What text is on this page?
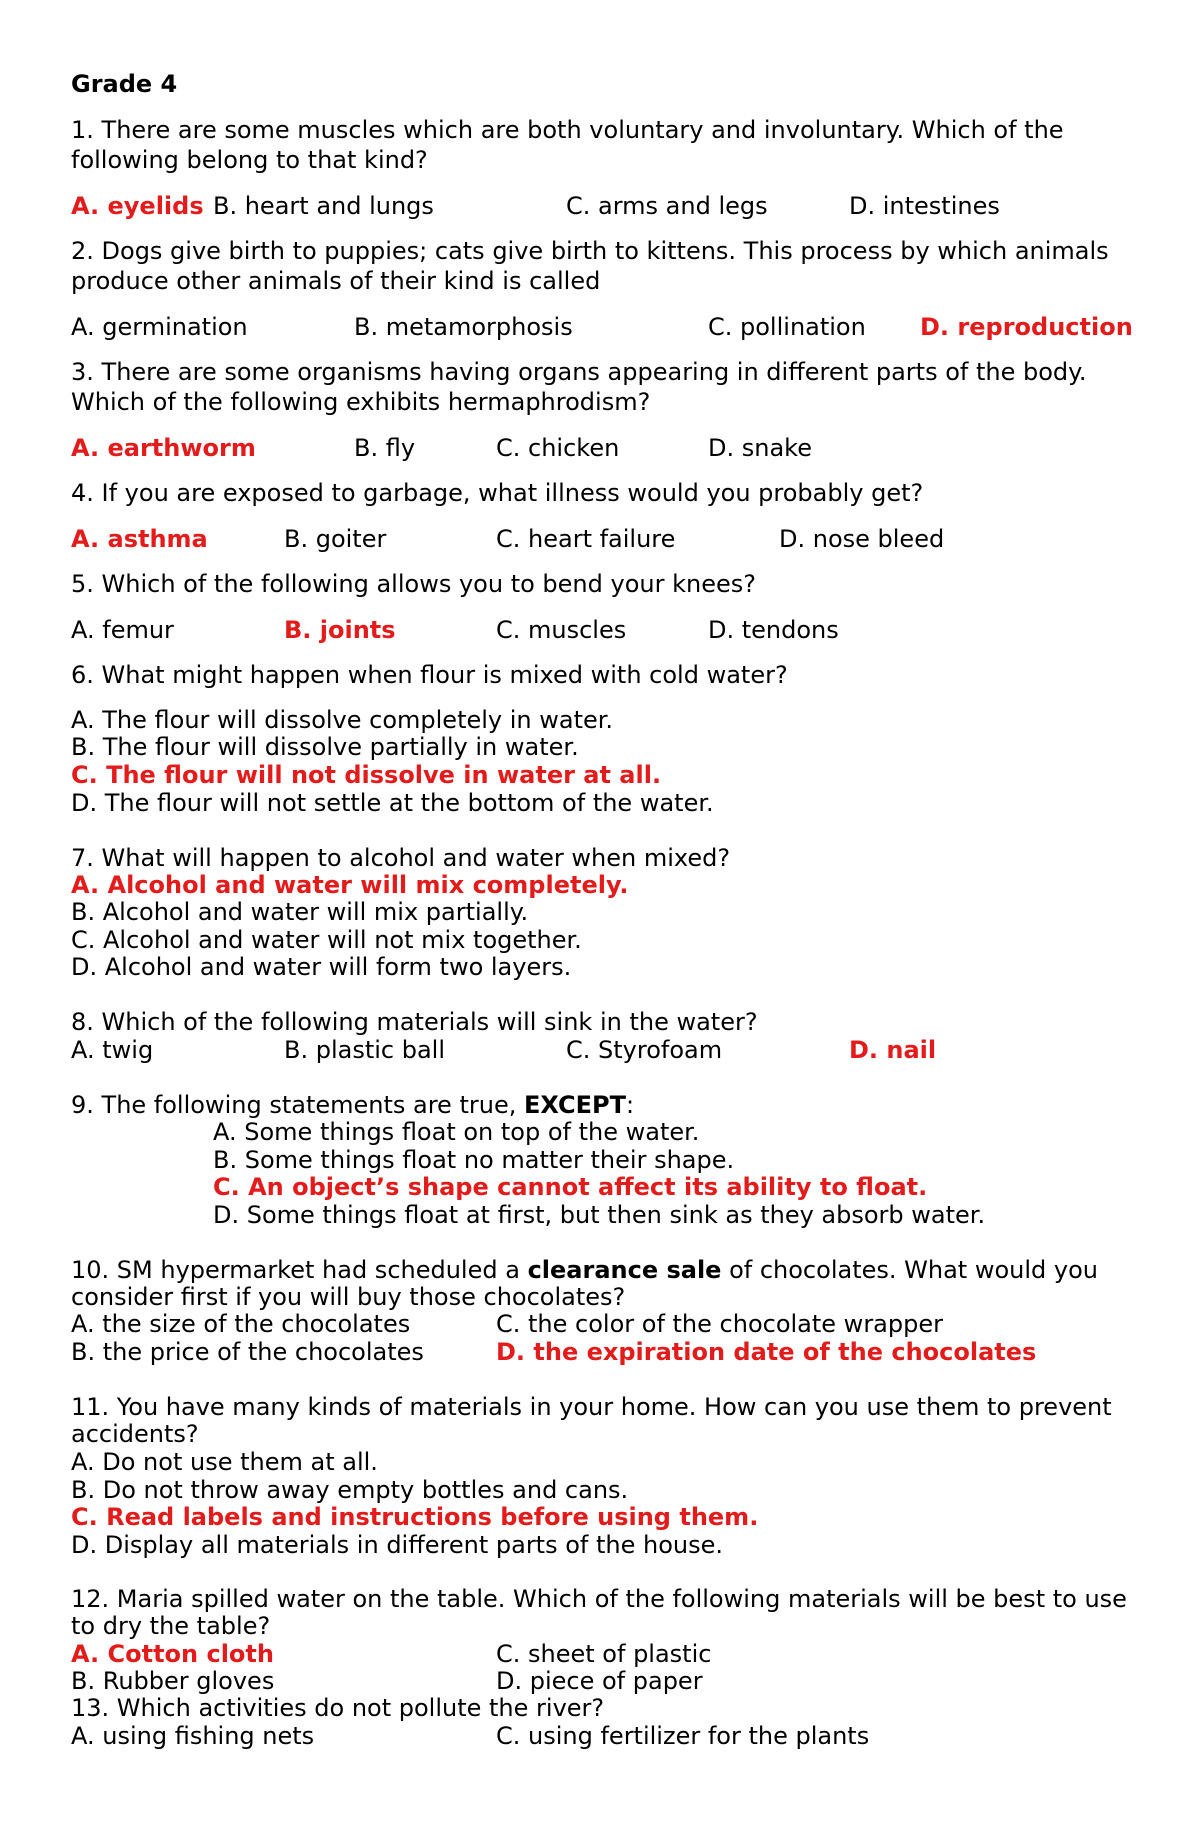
Grade 4
1. There are some muscles which are both voluntary and involuntary. Which of the
following belong to that kind?
A. eyelids B. heart and lungs	C. arms and legs	D. intestines
2. Dogs give birth to puppies; cats give birth to kittens. This process by which animals
produce other animals of their kind is called
A. germination	B. metamorphosis	C. pollination D. reproduction
3. There are some organisms having organs appearing in different parts of the body.
Which of the following exhibits hermaphrodism?
A. earthworm	B. fly	C. chicken	D. snake
4. If you are exposed to garbage, what illness would you probably get?
A. asthma	B. goiter	C. heart failure	D. nose bleed
5. Which of the following allows you to bend your knees?
A. femur	B. joints	C. muscles	D. tendons
6. What might happen when flour is mixed with cold water?
A. The flour will dissolve completely in water.
B. The flour will dissolve partially in water.
C. The flour will not dissolve in water at all.
D. The flour will not settle at the bottom of the water.
7. What will happen to alcohol and water when mixed?
A. Alcohol and water will mix completely.
B. Alcohol and water will mix partially.
C. Alcohol and water will not mix together.
D. Alcohol and water will form two layers.
8. Which of the following materials will sink in the water?
A. twig	B. plastic ball	C. Styrofoam	D. nail
9. The following statements are true, EXCEPT:
A. Some things float on top of the water.
B. Some things float no matter their shape.
C. An object’s shape cannot affect its ability to float.
D. Some things float at first, but then sink as they absorb water.
10. SM hypermarket had scheduled a clearance sale of chocolates. What would you
consider first if you will buy those chocolates?
A. the size of the chocolates	C. the color of the chocolate wrapper
B. the price of the chocolates	D. the expiration date of the chocolates
11. You have many kinds of materials in your home. How can you use them to prevent
accidents?
A. Do not use them at all.
B. Do not throw away empty bottles and cans.
C. Read labels and instructions before using them.
D. Display all materials in different parts of the house.
12. Maria spilled water on the table. Which of the following materials will be best to use
to dry the table?
A. Cotton cloth	C. sheet of plastic
B. Rubber gloves	D. piece of paper
13. Which activities do not pollute the river?
A. using fishing nets	C. using fertilizer for the plants
